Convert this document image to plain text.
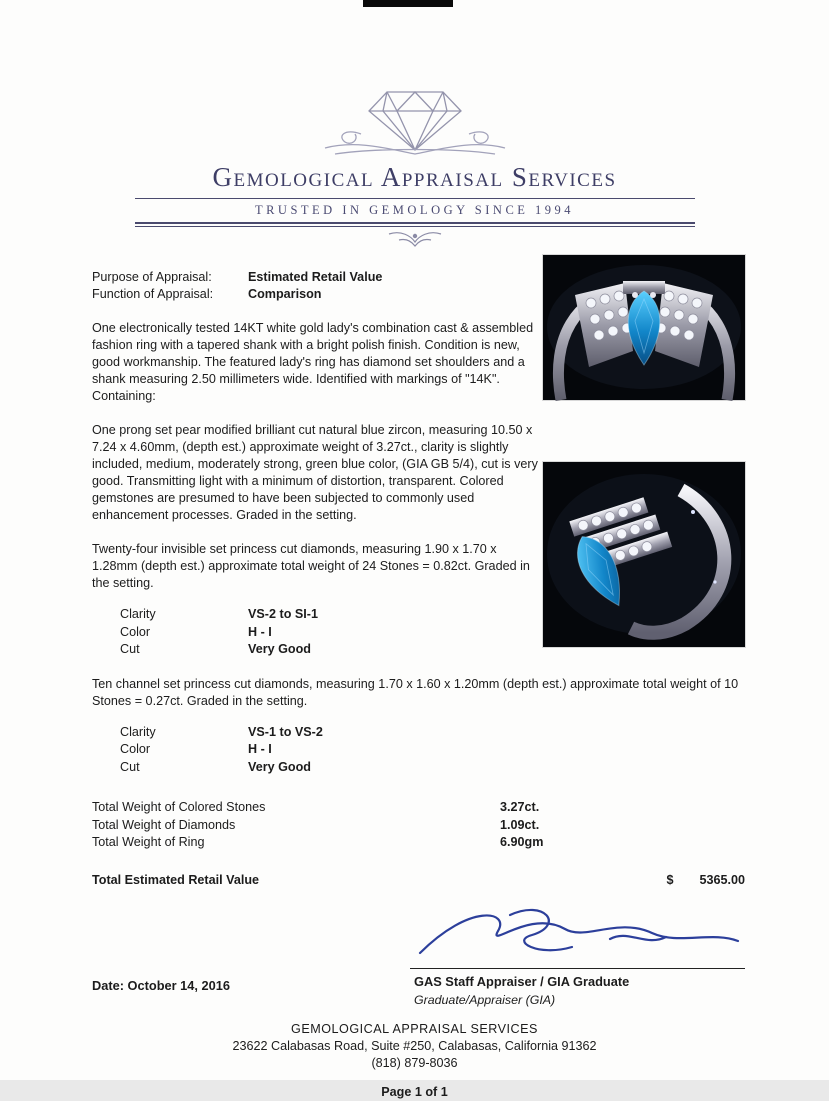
Gemological Appraisal Services
TRUSTED IN GEMOLOGY SINCE 1994
Purpose of Appraisal:	Estimated Retail Value
Function of Appraisal:	Comparison

One electronically tested 14KT white gold lady's combination cast & assembled fashion ring with a tapered shank with a bright polish finish. Condition is new, good workmanship. The featured lady's ring has diamond set shoulders and a shank measuring 2.50 millimeters wide. Identified with markings of "14K". Containing:

One prong set pear modified brilliant cut natural blue zircon, measuring 10.50 x 7.24 x 4.60mm, (depth est.) approximate weight of 3.27ct., clarity is slightly included, medium, moderately strong, green blue color, (GIA GB 5/4), cut is very good. Transmitting light with a minimum of distortion, transparent. Colored gemstones are presumed to have been subjected to commonly used enhancement processes. Graded in the setting.

Twenty-four invisible set princess cut diamonds, measuring 1.90 x 1.70 x 1.28mm (depth est.) approximate total weight of 24 Stones = 0.82ct. Graded in the setting.

Clarity	VS-2 to SI-1
Color	H - I
Cut	Very Good

Ten channel set princess cut diamonds, measuring 1.70 x 1.60 x 1.20mm (depth est.) approximate total weight of 10 Stones = 0.27ct. Graded in the setting.

Clarity	VS-1 to VS-2
Color	H - I
Cut	Very Good
Total Weight of Colored Stones	3.27ct.
Total Weight of Diamonds	1.09ct.
Total Weight of Ring	6.90gm
Total Estimated Retail Value	$ 5365.00
GAS Staff Appraiser / GIA Graduate
Graduate/Appraiser (GIA)
Date: October 14, 2016
GEMOLOGICAL APPRAISAL SERVICES
23622 Calabasas Road, Suite #250, Calabasas, California 91362
(818) 879-8036
Page 1 of 1
